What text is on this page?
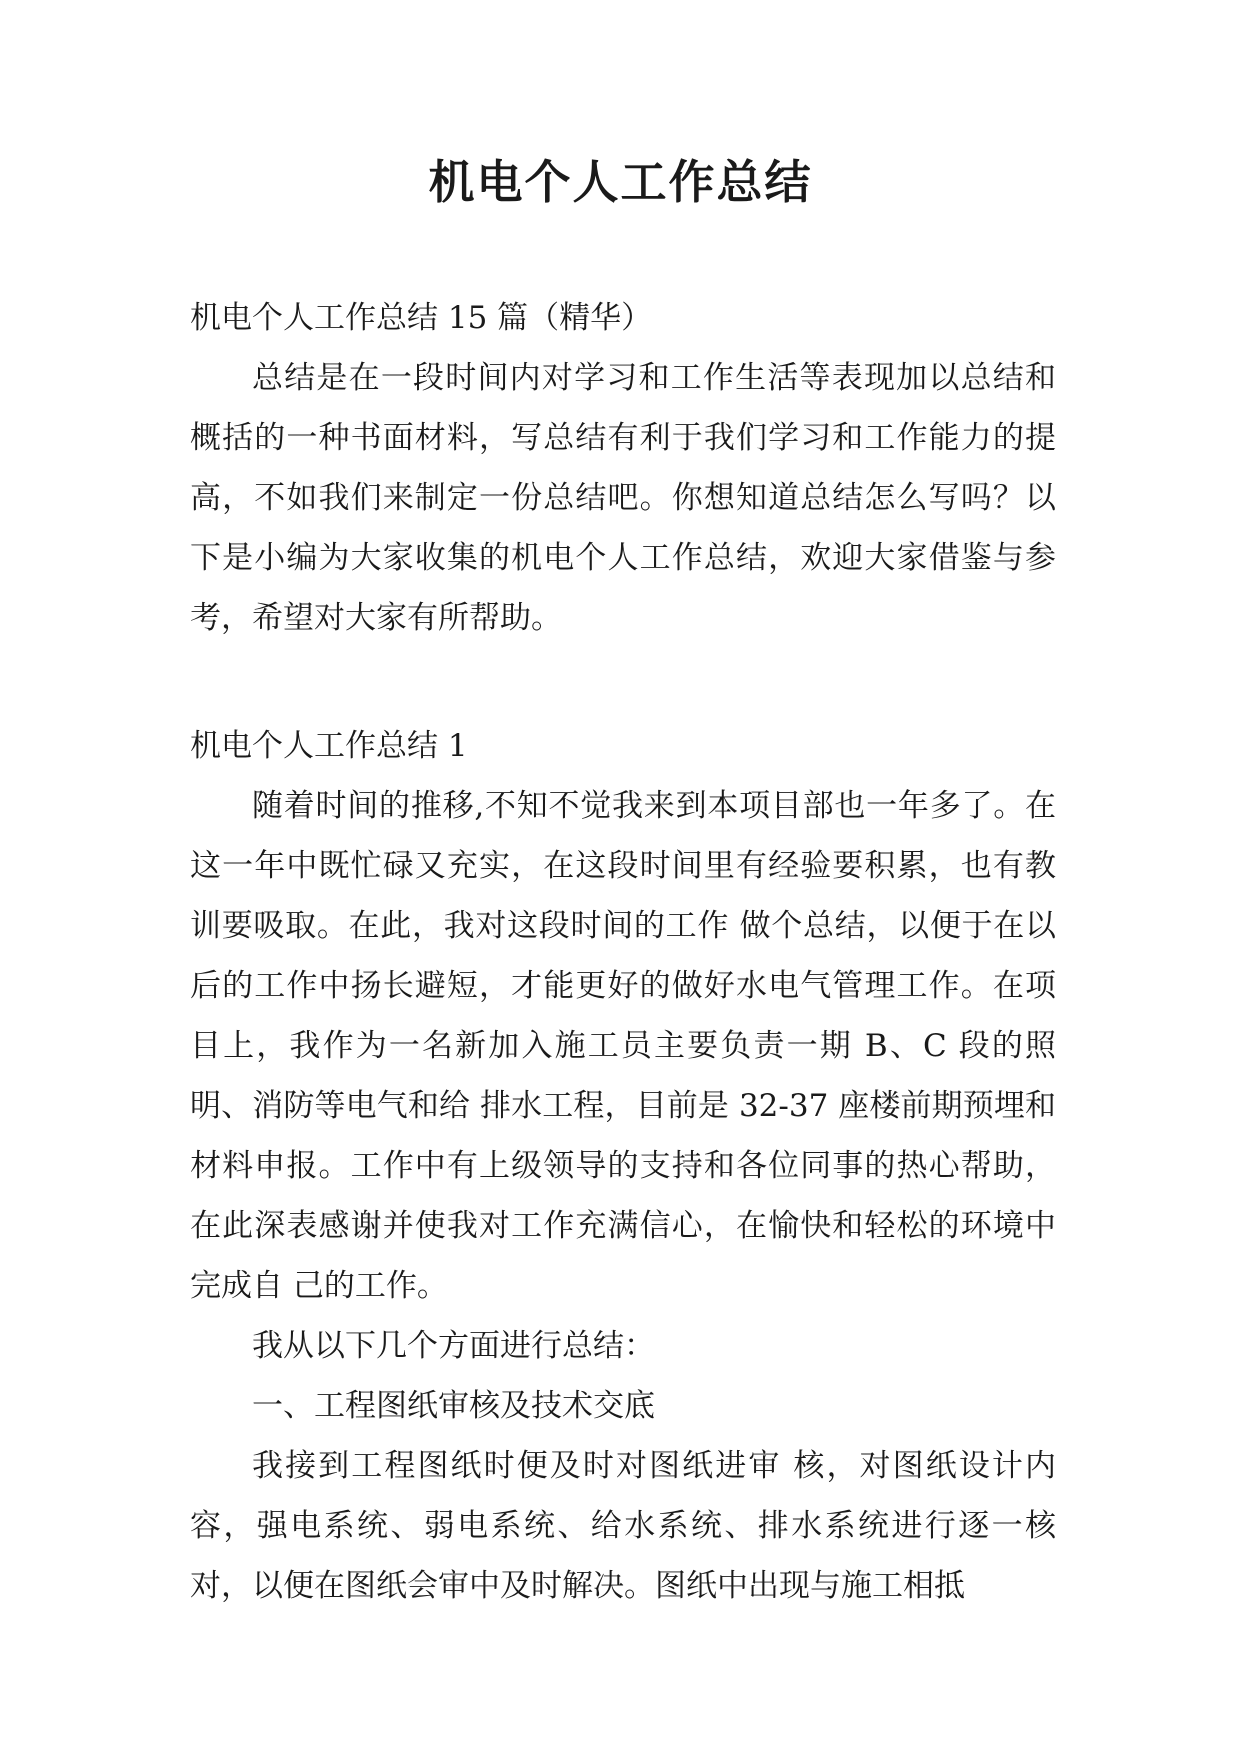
机电个人工作总结

机电个人工作总结 15 篇（精华）

总结是在一段时间内对学习和工作生活等表现加以总结和概括的一种书面材料，写总结有利于我们学习和工作能力的提高，不如我们来制定一份总结吧。你想知道总结怎么写吗？以下是小编为大家收集的机电个人工作总结，欢迎大家借鉴与参考，希望对大家有所帮助。

机电个人工作总结 1

随着时间的推移,不知不觉我来到本项目部也一年多了。在这一年中既忙碌又充实，在这段时间里有经验要积累，也有教训要吸取。在此，我对这段时间的工作 做个总结，以便于在以后的工作中扬长避短，才能更好的做好水电气管理工作。在项目上，我作为一名新加入施工员主要负责一期 B、C 段的照明、消防等电气和给 排水工程，目前是 32-37 座楼前期预埋和材料申报。工作中有上级领导的支持和各位同事的热心帮助，在此深表感谢并使我对工作充满信心，在愉快和轻松的环境中完成自 己的工作。

我从以下几个方面进行总结：

一、工程图纸审核及技术交底

我接到工程图纸时便及时对图纸进审 核，对图纸设计内容，强电系统、弱电系统、给水系统、排水系统进行逐一核对，以便在图纸会审中及时解决。图纸中出现与施工相抵
